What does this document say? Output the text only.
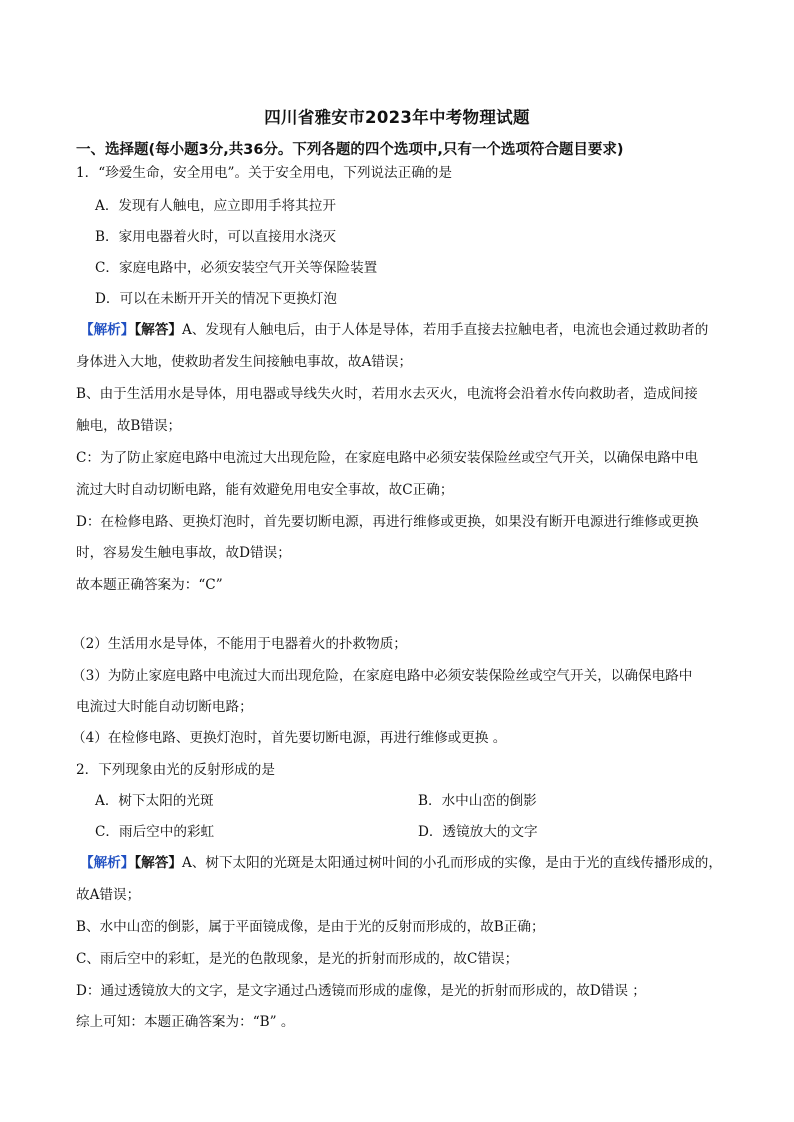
四川省雅安市2023年中考物理试题
一、选择题(每小题3分,共36分。下列各题的四个选项中,只有一个选项符合题目要求)
1．“珍爱生命，安全用电”。关于安全用电，下列说法正确的是
A．发现有人触电，应立即用手将其拉开
B．家用电器着火时，可以直接用水浇灭
C．家庭电路中，必须安装空气开关等保险装置
D．可以在未断开开关的情况下更换灯泡
【解析】【解答】A、发现有人触电后，由于人体是导体，若用手直接去拉触电者，电流也会通过救助者的
身体进入大地，使救助者发生间接触电事故，故A错误；
B、由于生活用水是导体，用电器或导线失火时，若用水去灭火，电流将会沿着水传向救助者，造成间接
触电，故B错误；
C：为了防止家庭电路中电流过大出现危险，在家庭电路中必须安装保险丝或空气开关，以确保电路中电
流过大时自动切断电路，能有效避免用电安全事故，故C正确；
D：在检修电路、更换灯泡时，首先要切断电源，再进行维修或更换，如果没有断开电源进行维修或更换
时，容易发生触电事故，故D错误；
故本题正确答案为：“C”
（2）生活用水是导体，不能用于电器着火的扑救物质；
（3）为防止家庭电路中电流过大而出现危险，在家庭电路中必须安装保险丝或空气开关，以确保电路中
电流过大时能自动切断电路；
（4）在检修电路、更换灯泡时，首先要切断电源，再进行维修或更换 。
2．下列现象由光的反射形成的是
A．树下太阳的光斑	B．水中山峦的倒影
C．雨后空中的彩虹	D．透镜放大的文字
【解析】【解答】A、树下太阳的光斑是太阳通过树叶间的小孔而形成的实像，是由于光的直线传播形成的，
故A错误；
B、水中山峦的倒影，属于平面镜成像，是由于光的反射而形成的，故B正确；
C、雨后空中的彩虹，是光的色散现象，是光的折射而形成的，故C错误；
D：通过透镜放大的文字，是文字通过凸透镜而形成的虚像，是光的折射而形成的，故D错误 ；
综上可知：本题正确答案为：“B” 。
